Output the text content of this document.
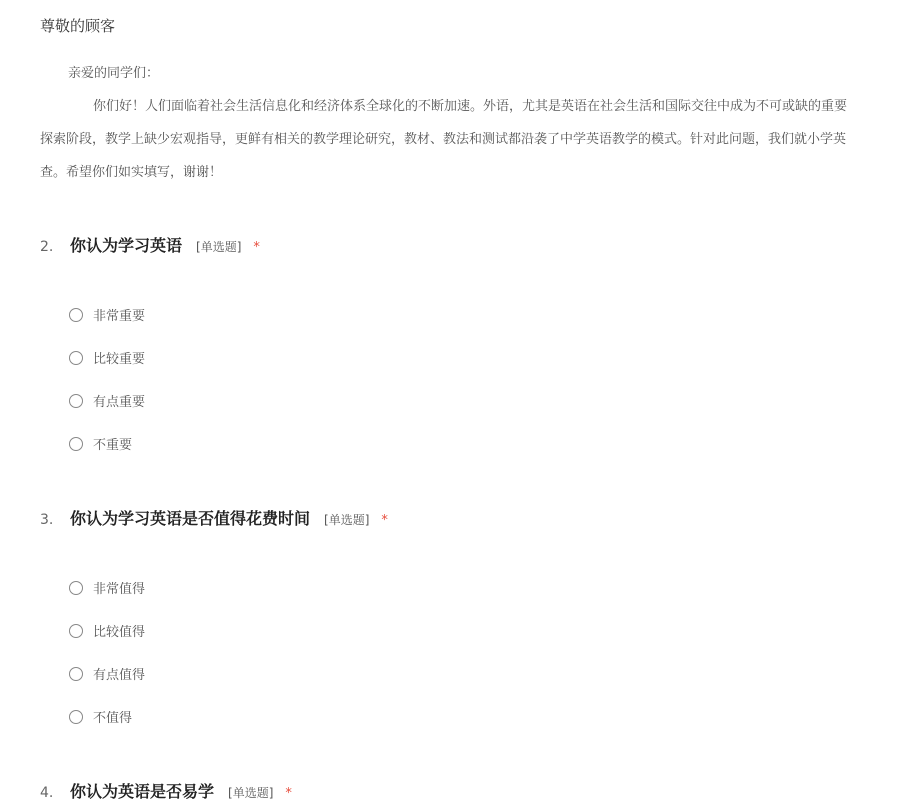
尊敬的顾客
亲爱的同学们：
你们好！人们面临着社会生活信息化和经济体系全球化的不断加速。外语，尤其是英语在社会生活和国际交往中成为不可或缺的重要
探索阶段，教学上缺少宏观指导，更鲜有相关的教学理论研究，教材、教法和测试都沿袭了中学英语教学的模式。针对此问题，我们就小学英
查。希望你们如实填写，谢谢！
2.	你认为学习英语 [单选题] *
非常重要
比较重要
有点重要
不重要
3.	你认为学习英语是否值得花费时间 [单选题] *
非常值得
比较值得
有点值得
不值得
4.	你认为英语是否易学 [单选题] *
